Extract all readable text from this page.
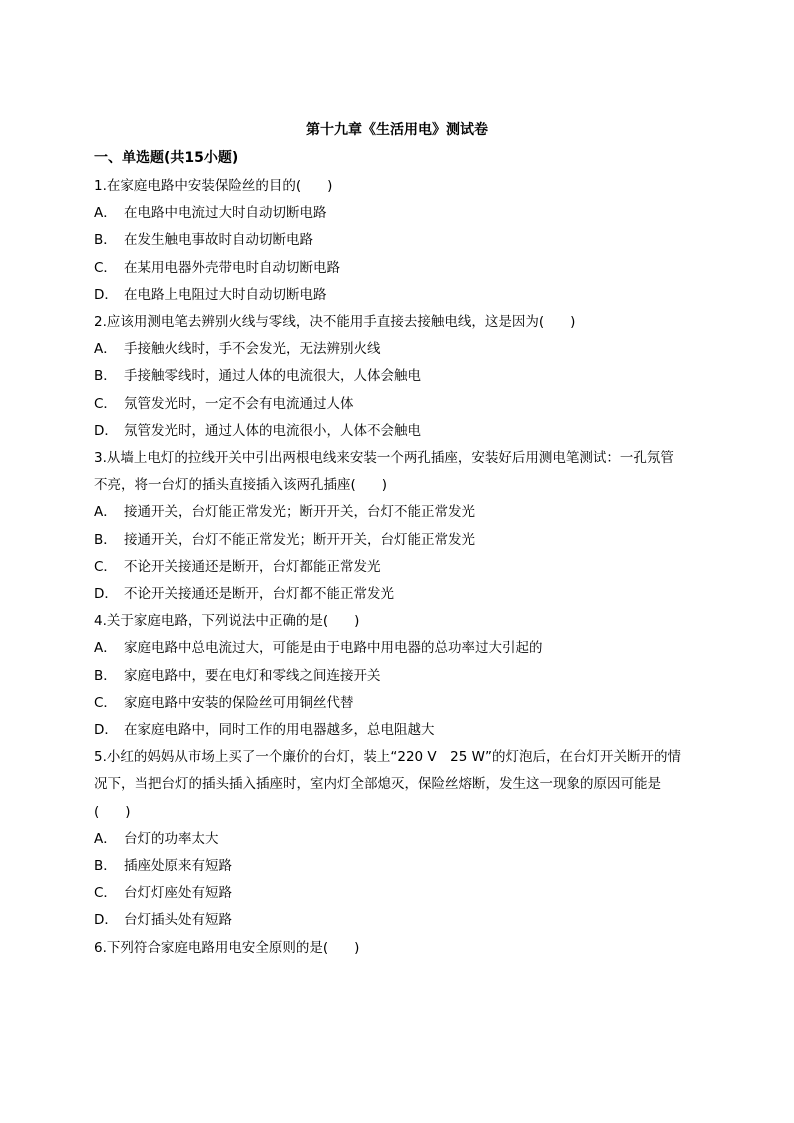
第十九章《生活用电》测试卷
一、单选题(共15小题)
1.在家庭电路中安装保险丝的目的( )
A． 在电路中电流过大时自动切断电路
B． 在发生触电事故时自动切断电路
C． 在某用电器外壳带电时自动切断电路
D． 在电路上电阻过大时自动切断电路
2.应该用测电笔去辨别火线与零线，决不能用手直接去接触电线，这是因为( )
A． 手接触火线时，手不会发光，无法辨别火线
B． 手接触零线时，通过人体的电流很大，人体会触电
C． 氖管发光时，一定不会有电流通过人体
D． 氖管发光时，通过人体的电流很小，人体不会触电
3.从墙上电灯的拉线开关中引出两根电线来安装一个两孔插座，安装好后用测电笔测试：一孔氖管
不亮，将一台灯的插头直接插入该两孔插座( )
A． 接通开关，台灯能正常发光；断开开关，台灯不能正常发光
B． 接通开关，台灯不能正常发光；断开开关，台灯能正常发光
C． 不论开关接通还是断开，台灯都能正常发光
D． 不论开关接通还是断开，台灯都不能正常发光
4.关于家庭电路，下列说法中正确的是( )
A． 家庭电路中总电流过大，可能是由于电路中用电器的总功率过大引起的
B． 家庭电路中，要在电灯和零线之间连接开关
C． 家庭电路中安装的保险丝可用铜丝代替
D． 在家庭电路中，同时工作的用电器越多，总电阻越大
5.小红的妈妈从市场上买了一个廉价的台灯，装上“220 V　25 W”的灯泡后，在台灯开关断开的情
况下，当把台灯的插头插入插座时，室内灯全部熄灭，保险丝熔断，发生这一现象的原因可能是
( )
A． 台灯的功率太大
B． 插座处原来有短路
C． 台灯灯座处有短路
D． 台灯插头处有短路
6.下列符合家庭电路用电安全原则的是( )
